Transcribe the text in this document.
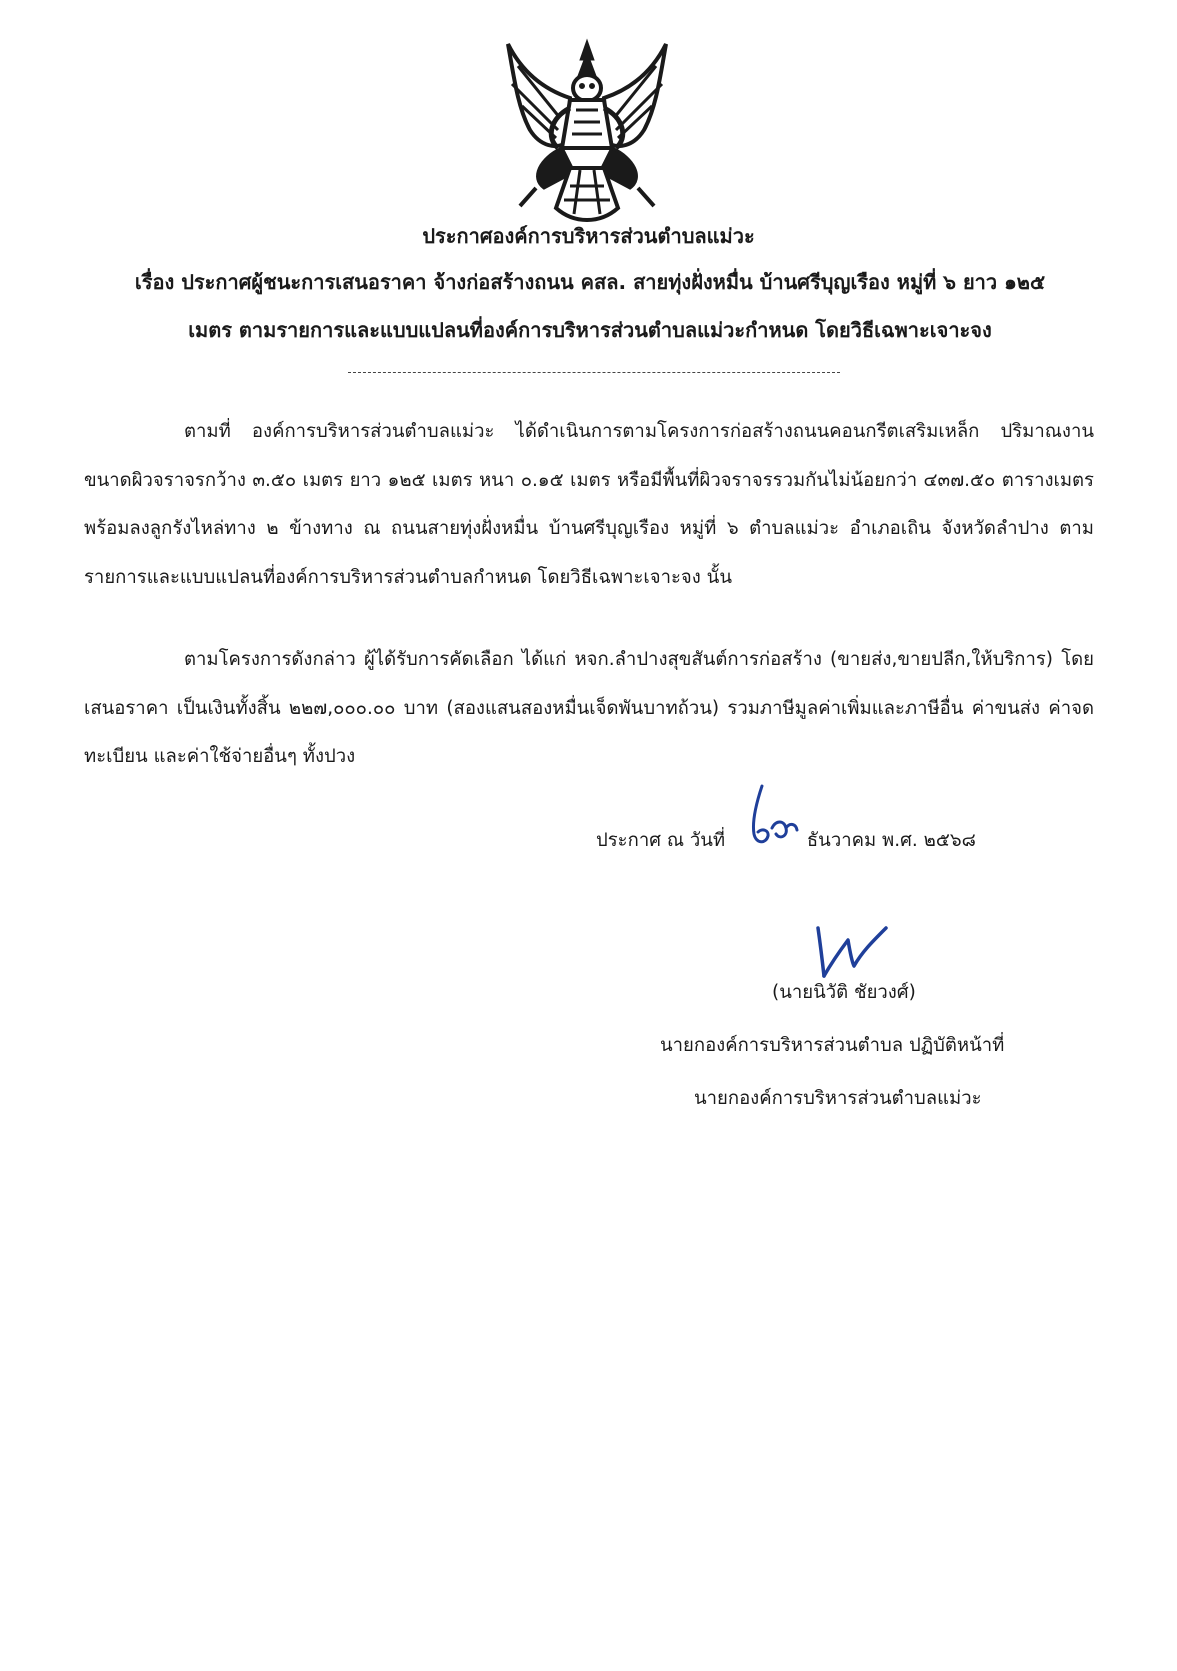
ประกาศองค์การบริหารส่วนตำบลแม่วะ
เรื่อง ประกาศผู้ชนะการเสนอราคา จ้างก่อสร้างถนน คสล. สายทุ่งฝั่งหมื่น บ้านศรีบุญเรือง หมู่ที่ ๖ ยาว ๑๒๕
เมตร ตามรายการและแบบแปลนที่องค์การบริหารส่วนตำบลแม่วะกำหนด โดยวิธีเฉพาะเจาะจง

ตามที่ องค์การบริหารส่วนตำบลแม่วะ ได้ดำเนินการตามโครงการก่อสร้างถนนคอนกรีตเสริมเหล็ก ปริมาณงานขนาดผิวจราจรกว้าง ๓.๕๐ เมตร ยาว ๑๒๕ เมตร หนา ๐.๑๕ เมตร หรือมีพื้นที่ผิวจราจรรวมกันไม่น้อยกว่า ๔๓๗.๕๐ ตารางเมตร พร้อมลงลูกรังไหล่ทาง ๒ ข้างทาง ณ ถนนสายทุ่งฝั่งหมื่น บ้านศรีบุญเรือง หมู่ที่ ๖ ตำบลแม่วะ อำเภอเถิน จังหวัดลำปาง ตามรายการและแบบแปลนที่องค์การบริหารส่วนตำบลกำหนด โดยวิธีเฉพาะเจาะจง นั้น

ตามโครงการดังกล่าว ผู้ได้รับการคัดเลือก ได้แก่ หจก.ลำปางสุขสันต์การก่อสร้าง (ขายส่ง,ขายปลีก,ให้บริการ) โดยเสนอราคา เป็นเงินทั้งสิ้น ๒๒๗,๐๐๐.๐๐ บาท (สองแสนสองหมื่นเจ็ดพันบาทถ้วน) รวมภาษีมูลค่าเพิ่มและภาษีอื่น ค่าขนส่ง ค่าจดทะเบียน และค่าใช้จ่ายอื่นๆ ทั้งปวง

ประกาศ ณ วันที่	ธันวาคม พ.ศ. ๒๕๖๘
(นายนิวัติ ชัยวงศ์)
นายกองค์การบริหารส่วนตำบล ปฏิบัติหน้าที่
นายกองค์การบริหารส่วนตำบลแม่วะ
